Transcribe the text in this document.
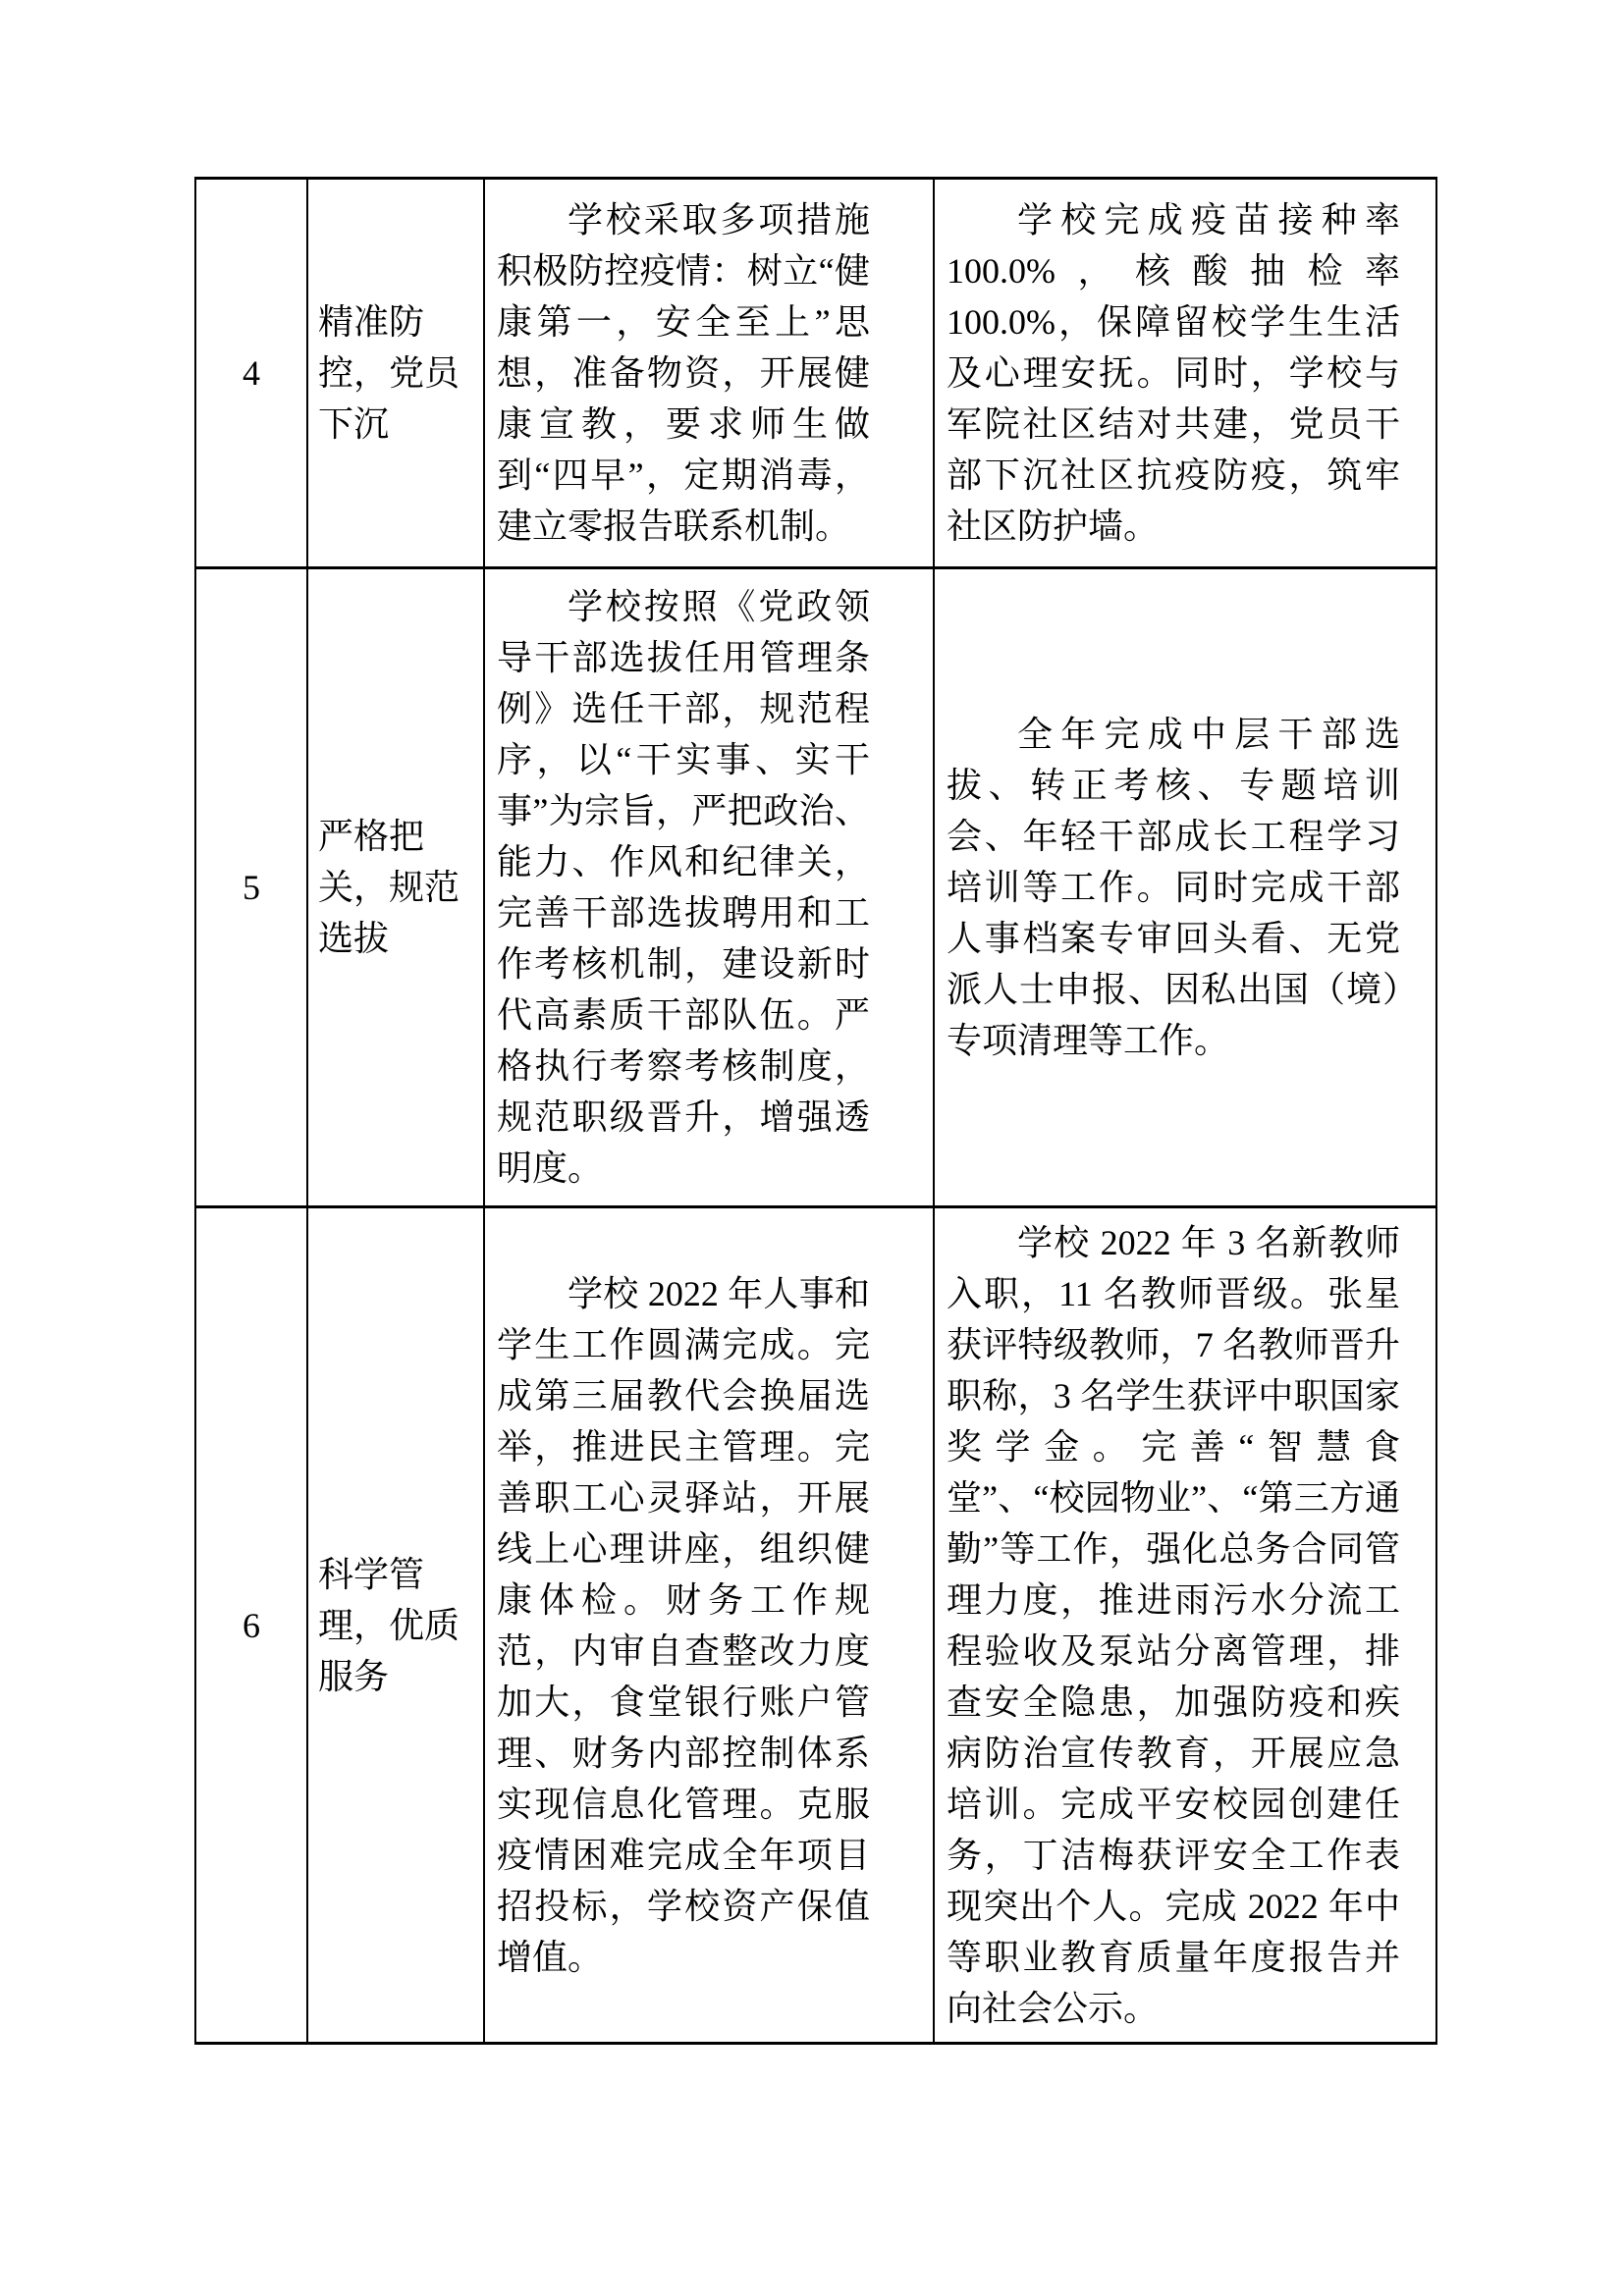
4	精准防控，党员下沉	学校采取多项措施积极防控疫情：树立“健康第一，安全至上”思想，准备物资，开展健康宣教，要求师生做到“四早”，定期消毒，建立零报告联系机制。	学校完成疫苗接种率 100.0%，核酸抽检率 100.0%，保障留校学生生活及心理安抚。同时，学校与军院社区结对共建，党员干部下沉社区抗疫防疫，筑牢社区防护墙。

5	严格把关，规范选拔	学校按照《党政领导干部选拔任用管理条例》选任干部，规范程序，以“干实事、实干事”为宗旨，严把政治、能力、作风和纪律关，完善干部选拔聘用和工作考核机制，建设新时代高素质干部队伍。严格执行考察考核制度，规范职级晋升，增强透明度。	全年完成中层干部选拔、转正考核、专题培训会、年轻干部成长工程学习培训等工作。同时完成干部人事档案专审回头看、无党派人士申报、因私出国（境）专项清理等工作。

6	科学管理，优质服务	学校 2022 年人事和学生工作圆满完成。完成第三届教代会换届选举，推进民主管理。完善职工心灵驿站，开展线上心理讲座，组织健康体检。财务工作规范，内审自查整改力度加大，食堂银行账户管理、财务内部控制体系实现信息化管理。克服疫情困难完成全年项目招投标，学校资产保值增值。	学校 2022 年 3 名新教师入职，11 名教师晋级。张星获评特级教师，7 名教师晋升职称，3 名学生获评中职国家奖学金。完善“智慧食堂”、“校园物业”、“第三方通勤”等工作，强化总务合同管理力度，推进雨污水分流工程验收及泵站分离管理，排查安全隐患，加强防疫和疾病防治宣传教育，开展应急培训。完成平安校园创建任务，丁洁梅获评安全工作表现突出个人。完成 2022 年中等职业教育质量年度报告并向社会公示。
